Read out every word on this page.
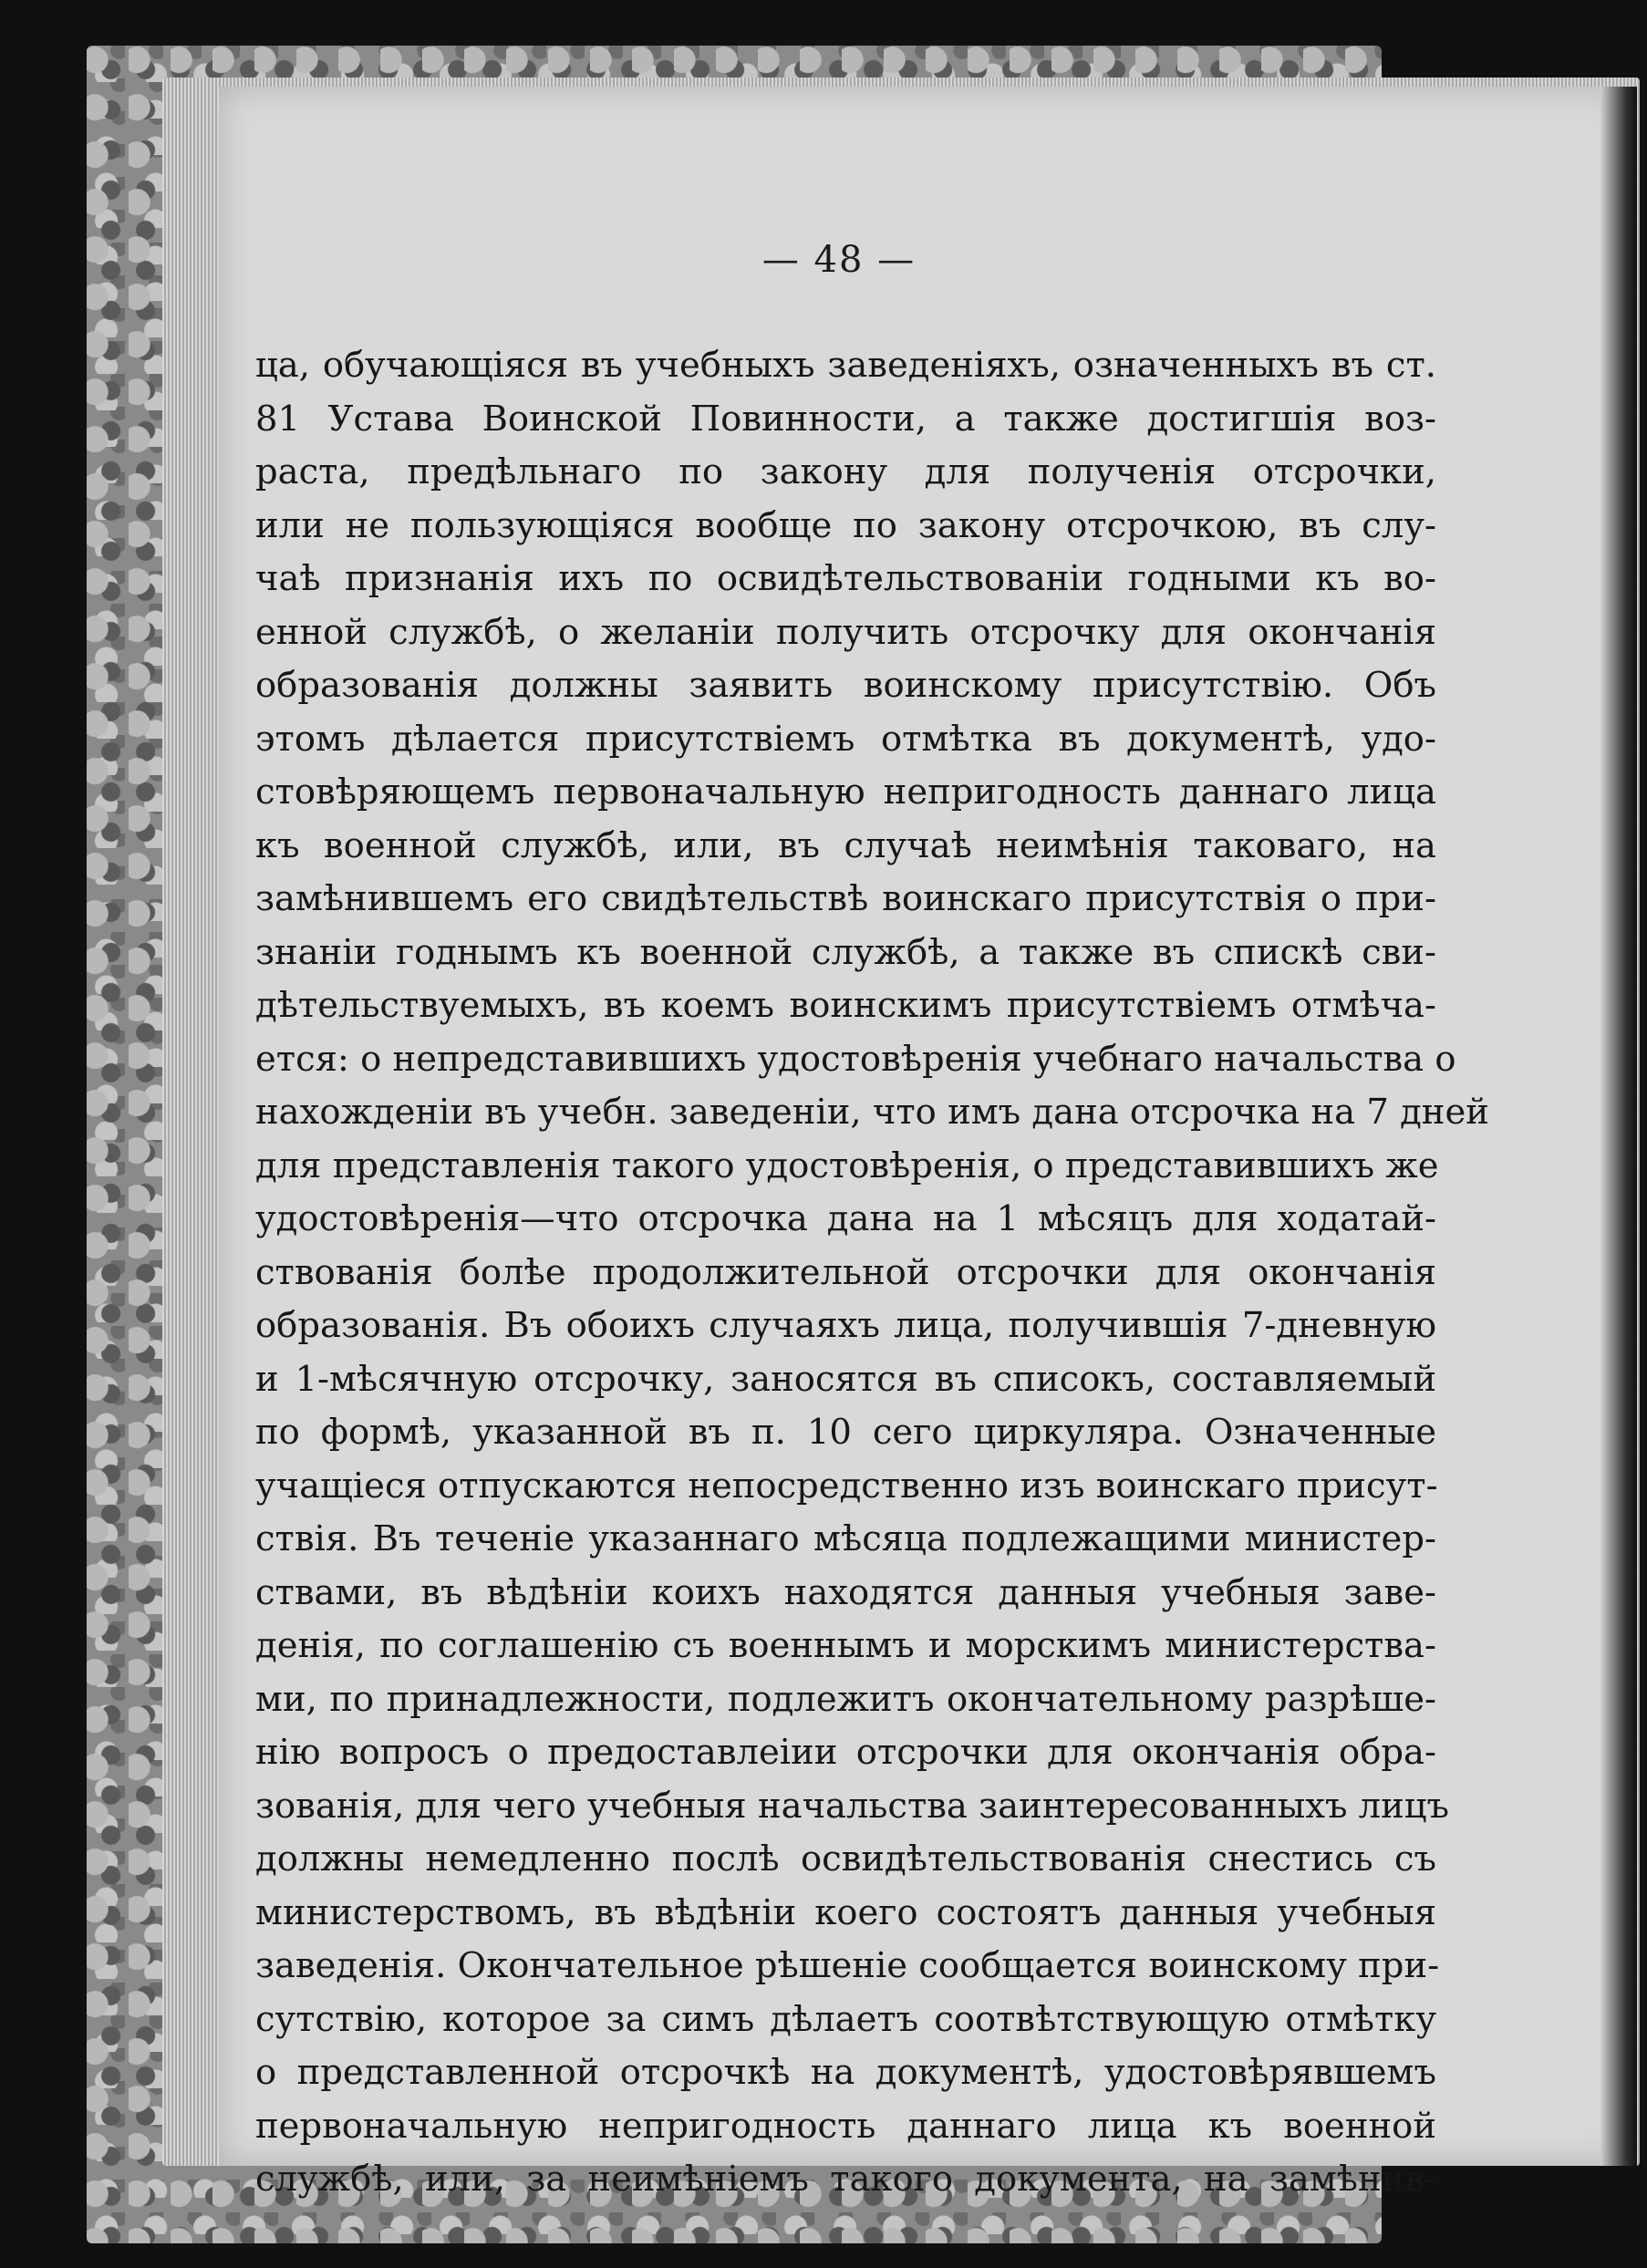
— 48 —
ца, обучающіяся въ учебныхъ заведеніяхъ, означенныхъ въ ст.
81 Устава Воинской Повинности, а также достигшія воз-
раста, предѣльнаго по закону для полученія отсрочки,
или не пользующіяся вообще по закону отсрочкою, въ слу-
чаѣ признанія ихъ по освидѣтельствованіи годными къ во-
енной службѣ, о желаніи получить отсрочку для окончанія
образованія должны заявить воинскому присутствію. Объ
этомъ дѣлается присутствіемъ отмѣтка въ документѣ, удо-
стовѣряющемъ первоначальную непригодность даннаго лица
къ военной службѣ, или, въ случаѣ неимѣнія таковаго, на
замѣнившемъ его свидѣтельствѣ воинскаго присутствія о при-
знаніи годнымъ къ военной службѣ, а также въ спискѣ сви-
дѣтельствуемыхъ, въ коемъ воинскимъ присутствіемъ отмѣча-
ется: о непредставившихъ удостовѣренія учебнаго начальства о
нахожденіи въ учебн. заведеніи, что имъ дана отсрочка на 7 дней
для представленія такого удостовѣренія, о представившихъ же
удостовѣренія—что отсрочка дана на 1 мѣсяцъ для ходатай-
ствованія болѣе продолжительной отсрочки для окончанія
образованія. Въ обоихъ случаяхъ лица, получившія 7-дневную
и 1-мѣсячную отсрочку, заносятся въ списокъ, составляемый
по формѣ, указанной въ п. 10 сего циркуляра. Означенные
учащіеся отпускаются непосредственно изъ воинскаго присут-
ствія. Въ теченіе указаннаго мѣсяца подлежащими министер-
ствами, въ вѣдѣніи коихъ находятся данныя учебныя заве-
денія, по соглашенію съ военнымъ и морскимъ министерства-
ми, по принадлежности, подлежитъ окончательному разрѣше-
нію вопросъ о предоставлеіии отсрочки для окончанія обра-
зованія, для чего учебныя начальства заинтересованныхъ лицъ
должны немедленно послѣ освидѣтельствованія снестись съ
министерствомъ, въ вѣдѣніи коего состоятъ данныя учебныя
заведенія. Окончательное рѣшеніе сообщается воинскому при-
сутствію, которое за симъ дѣлаетъ соотвѣтствующую отмѣтку
о представленной отсрочкѣ на документѣ, удостовѣрявшемъ
первоначальную непригодность даннаго лица къ военной
службѣ, или, за неимѣніемъ такого документа, на замѣнив-
